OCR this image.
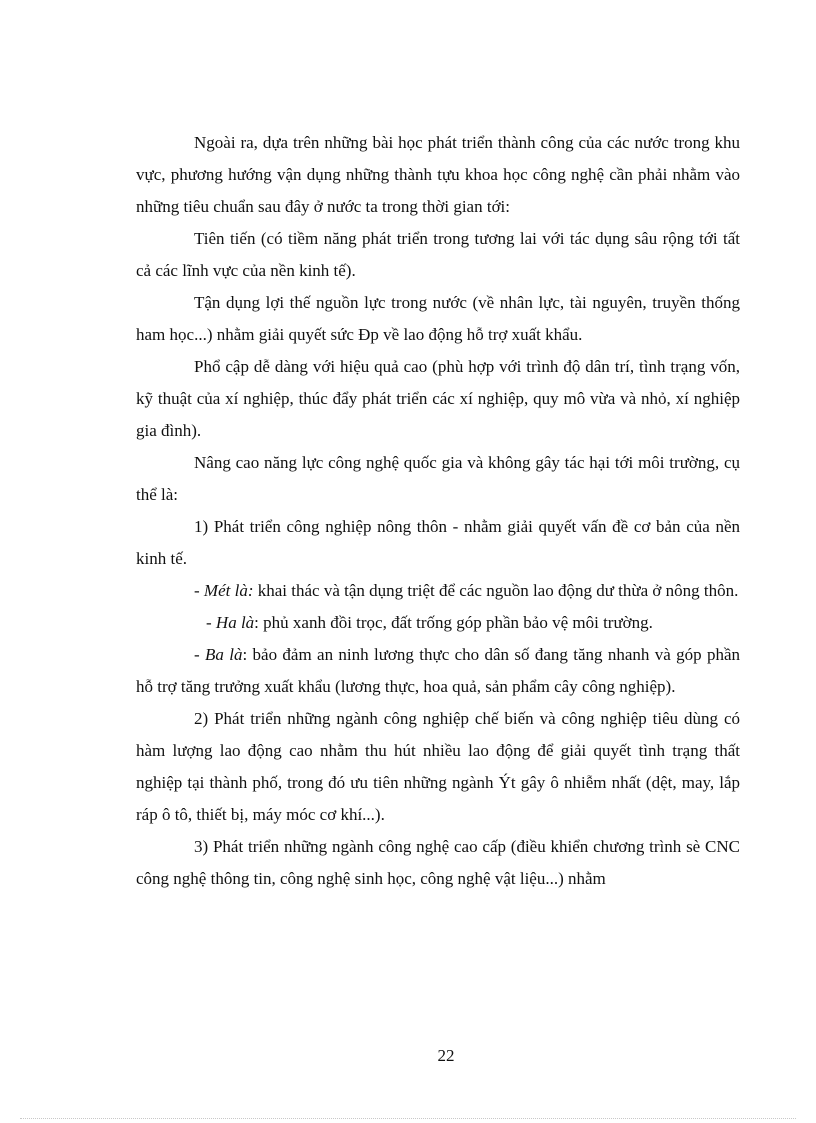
Ngoài ra, dựa trên những bài học phát triển thành công của các nước trong khu vực, phương hướng vận dụng những thành tựu khoa học công nghệ cần phải nhằm vào những tiêu chuẩn sau đây ở nước ta trong thời gian tới:

Tiên tiến (có tiềm năng phát triển trong tương lai với tác dụng sâu rộng tới tất cả các lĩnh vực của nền kinh tế).

Tận dụng lợi thế nguồn lực trong nước (về nhân lực, tài nguyên, truyền thống ham học...) nhằm giải quyết sức Ðp về lao động hỗ trợ xuất khẩu.

Phổ cập dễ dàng với hiệu quả cao (phù hợp với trình độ dân trí, tình trạng vốn, kỹ thuật của xí nghiệp, thúc đẩy phát triển các xí nghiệp, quy mô vừa và nhỏ, xí nghiệp gia đình).

Nâng cao năng lực công nghệ quốc gia và không gây tác hại tới môi trường, cụ thể là:

1) Phát triển công nghiệp nông thôn - nhằm giải quyết vấn đề cơ bản của nền kinh tế.

- Mét là: khai thác và tận dụng triệt để các nguồn lao động dư thừa ở nông thôn.

- Ha là: phủ xanh đồi trọc, đất trống góp phần bảo vệ môi trường.

- Ba là: bảo đảm an ninh lương thực cho dân số đang tăng nhanh và góp phần hỗ trợ tăng trưởng xuất khẩu (lương thực, hoa quả, sản phẩm cây công nghiệp).

2) Phát triển những ngành công nghiệp chế biến và công nghiệp tiêu dùng có hàm lượng lao động cao nhằm thu hút nhiều lao động để giải quyết tình trạng thất nghiệp tại thành phố, trong đó ưu tiên những ngành Ýt gây ô nhiễm nhất (dệt, may, lắp ráp ô tô, thiết bị, máy móc cơ khí...).

3) Phát triển những ngành công nghệ cao cấp (điều khiển chương trình sè CNC công nghệ thông tin, công nghệ sinh học, công nghệ vật liệu...) nhằm

22
